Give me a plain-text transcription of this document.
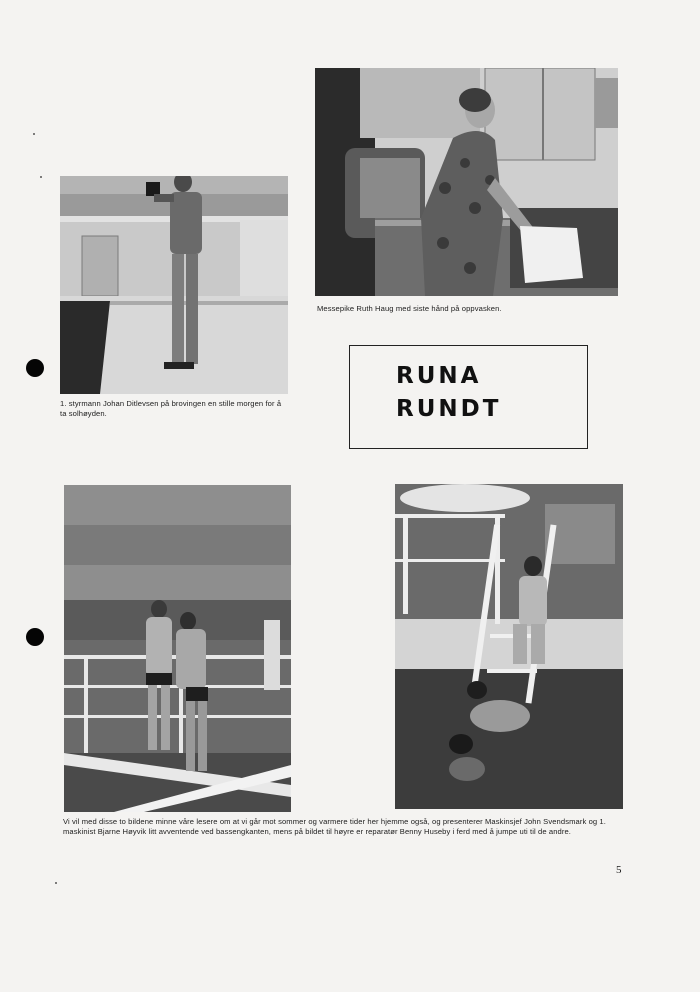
1. styrmann Johan Ditlevsen på brovingen en stille morgen for å ta solhøyden.
Messepike Ruth Haug med siste hånd på oppvasken.
RUNA
RUNDT
Vi vil med disse to bildene minne våre lesere om at vi går mot sommer og varmere tider her hjemme også, og presenterer Maskinsjef John Svendsmark og 1. maskinist Bjarne Høyvik litt avventende ved bassengkanten, mens på bildet til høyre er reparatør Benny Huseby i ferd med å jumpe uti til de andre.
5
